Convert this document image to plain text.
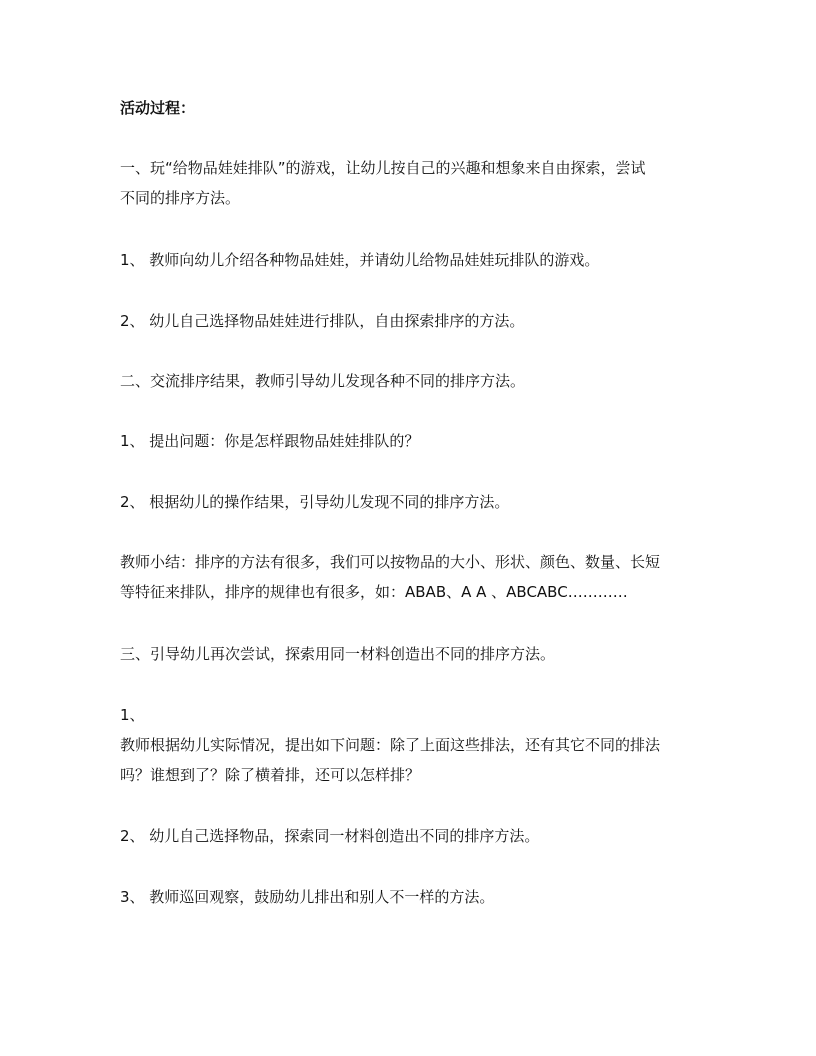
活动过程：
一、玩“给物品娃娃排队”的游戏，让幼儿按自己的兴趣和想象来自由探索，尝试
不同的排序方法。
1、 教师向幼儿介绍各种物品娃娃，并请幼儿给物品娃娃玩排队的游戏。
2、 幼儿自己选择物品娃娃进行排队，自由探索排序的方法。
二、交流排序结果，教师引导幼儿发现各种不同的排序方法。
1、 提出问题：你是怎样跟物品娃娃排队的？
2、 根据幼儿的操作结果，引导幼儿发现不同的排序方法。
教师小结：排序的方法有很多，我们可以按物品的大小、形状、颜色、数量、长短
等特征来排队，排序的规律也有很多，如：ABAB、A A 、ABCABC…………
三、引导幼儿再次尝试，探索用同一材料创造出不同的排序方法。
1、
教师根据幼儿实际情况，提出如下问题：除了上面这些排法，还有其它不同的排法
吗？谁想到了？除了横着排，还可以怎样排？
2、 幼儿自己选择物品，探索同一材料创造出不同的排序方法。
3、 教师巡回观察，鼓励幼儿排出和别人不一样的方法。
